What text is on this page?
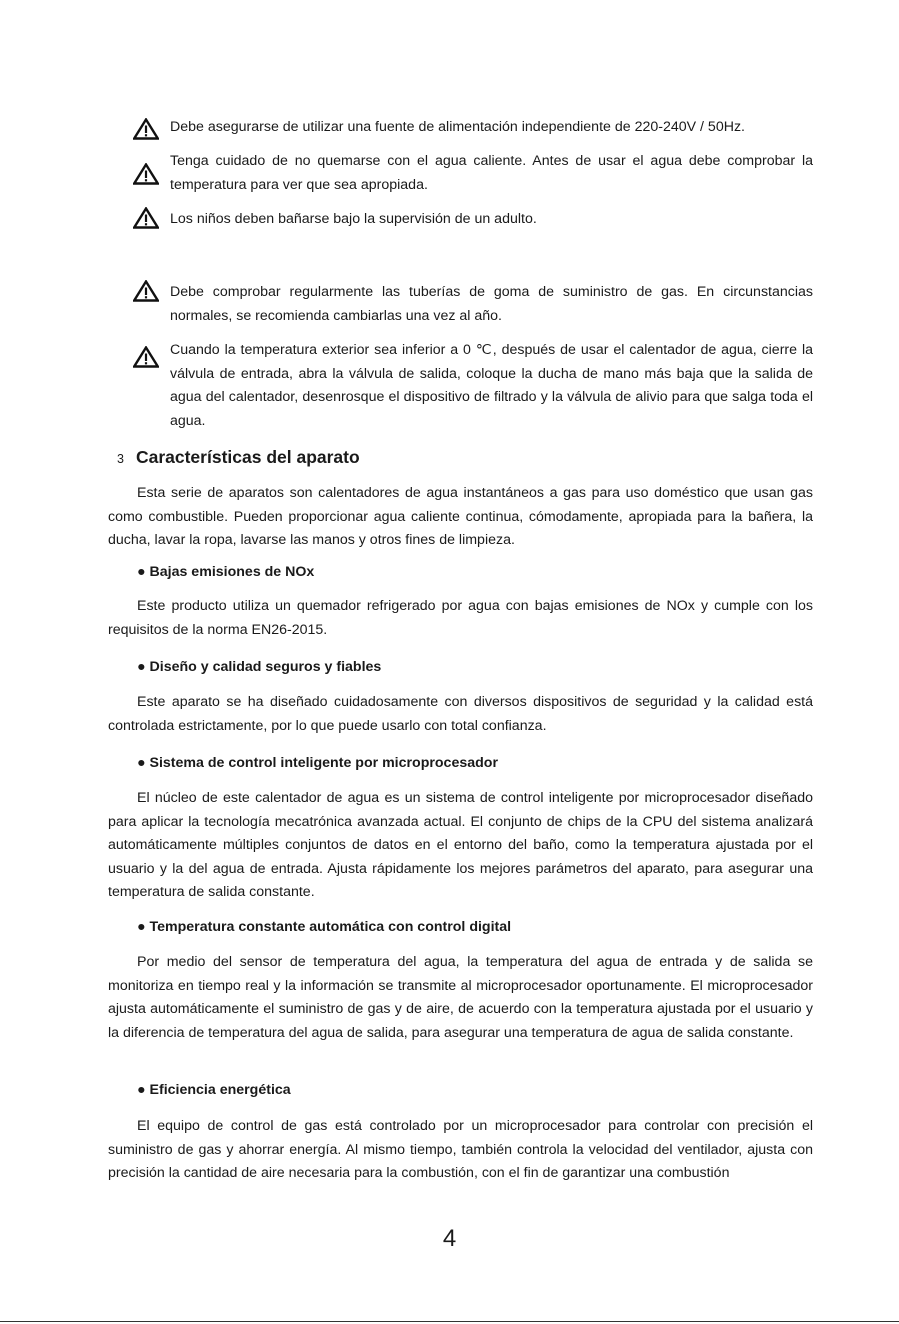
Debe asegurarse de utilizar una fuente de alimentación independiente de 220-240V / 50Hz.

Tenga cuidado de no quemarse con el agua caliente. Antes de usar el agua debe comprobar la temperatura para ver que sea apropiada.

Los niños deben bañarse bajo la supervisión de un adulto.

Debe comprobar regularmente las tuberías de goma de suministro de gas. En circunstancias normales, se recomienda cambiarlas una vez al año.

Cuando la temperatura exterior sea inferior a 0 ℃, después de usar el calentador de agua, cierre la válvula de entrada, abra la válvula de salida, coloque la ducha de mano más baja que la salida de agua del calentador, desenrosque el dispositivo de filtrado y la válvula de alivio para que salga toda el agua.

3 Características del aparato

Esta serie de aparatos son calentadores de agua instantáneos a gas para uso doméstico que usan gas como combustible. Pueden proporcionar agua caliente continua, cómodamente, apropiada para la bañera, la ducha, lavar la ropa, lavarse las manos y otros fines de limpieza.

● Bajas emisiones de NOx

Este producto utiliza un quemador refrigerado por agua con bajas emisiones de NOx y cumple con los requisitos de la norma EN26-2015.

● Diseño y calidad seguros y fiables

Este aparato se ha diseñado cuidadosamente con diversos dispositivos de seguridad y la calidad está controlada estrictamente, por lo que puede usarlo con total confianza.

● Sistema de control inteligente por microprocesador

El núcleo de este calentador de agua es un sistema de control inteligente por microprocesador diseñado para aplicar la tecnología mecatrónica avanzada actual. El conjunto de chips de la CPU del sistema analizará automáticamente múltiples conjuntos de datos en el entorno del baño, como la temperatura ajustada por el usuario y la del agua de entrada. Ajusta rápidamente los mejores parámetros del aparato, para asegurar una temperatura de salida constante.

● Temperatura constante automática con control digital

Por medio del sensor de temperatura del agua, la temperatura del agua de entrada y de salida se monitoriza en tiempo real y la información se transmite al microprocesador oportunamente. El microprocesador ajusta automáticamente el suministro de gas y de aire, de acuerdo con la temperatura ajustada por el usuario y la diferencia de temperatura del agua de salida, para asegurar una temperatura de agua de salida constante.

● Eficiencia energética

El equipo de control de gas está controlado por un microprocesador para controlar con precisión el suministro de gas y ahorrar energía. Al mismo tiempo, también controla la velocidad del ventilador, ajusta con precisión la cantidad de aire necesaria para la combustión, con el fin de garantizar una combustión

4
